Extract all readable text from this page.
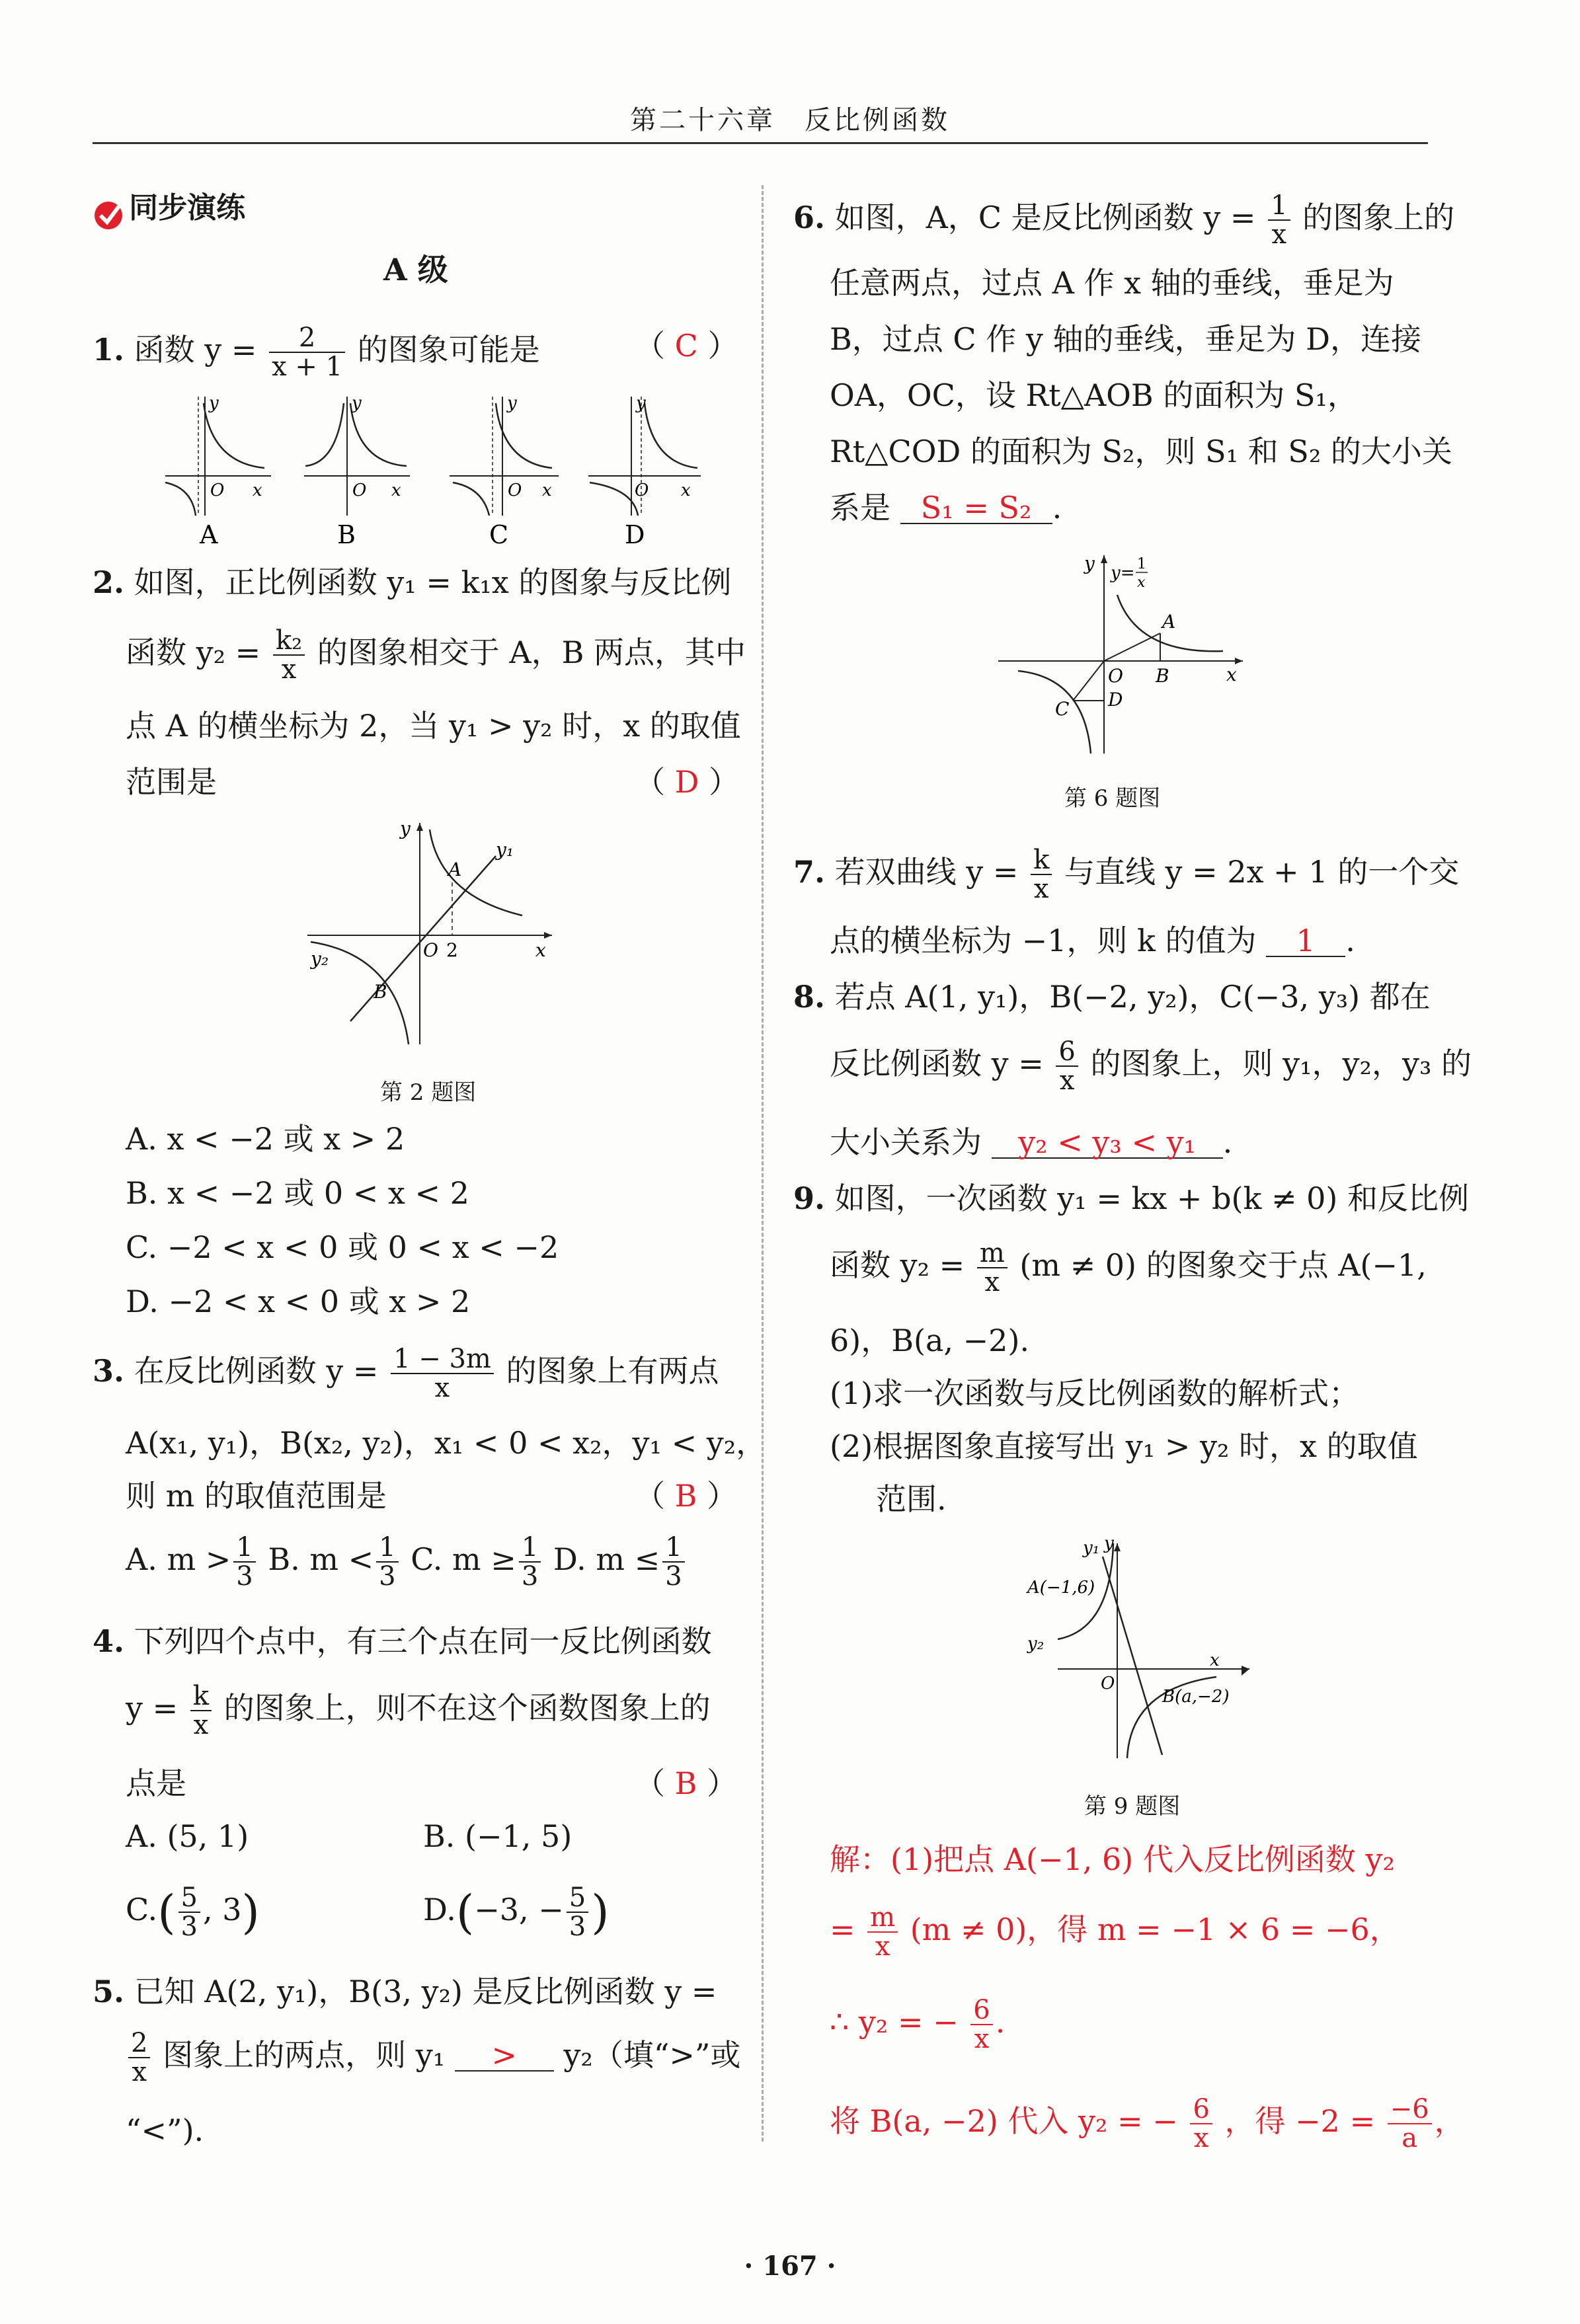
第二十六章　反比例函数
同步演练
A 级
1. 函数 $y = \frac{2}{x + 1}$ 的图象可能是	（ C ）
O x
y
A
O x
y
B
O x
y
C
O x
y
D
2. 如图，正比例函数 y₁ = k₁x 的图象与反比例
函数 $y_2 = \frac{\text{k₂}}{x}$ 的图象相交于 A，B 两点，其中
点 A 的横坐标为 2，当 y₁ > y₂ 时，x 的取值
范围是	（ D ）
y
x
O 2
A
B
y₁
y₂
第 2 题图
A. x < −2 或 x > 2
B. x < −2 或 0 < x < 2
C. −2 < x < 0 或 0 < x < −2
D. −2 < x < 0 或 x > 2
3. 在反比例函数 $y = \frac{1 - 3m}{x}$ 的图象上有两点
A(x₁, y₁)，B(x₂, y₂)，x₁ < 0 < x₂，y₁ < y₂，
则 m 的取值范围是	（ B ）
A. $m > \frac{1}{3} B$. $m < \frac{1}{3} C$. $m \ge \frac{1}{3} D$. $m \le \frac{1}{3}$
4. 下列四个点中，有三个点在同一反比例函数
$y = \frac{k}{x}$ 的图象上，则不在这个函数图象上的
点是	（ B ）
A. (5, 1)	B. (−1, 5)
$C.( \frac{5}{3}$ , 3)	D.(−3, − $\frac{5}{3}$ )
5. 已知 A(2, y₁)，B(3, y₂) 是反比例函数 y =
$\frac{2}{x}$ 图象上的两点，则 y₁ > y₂（填“>”或
“<”).
6. 如图，A，C 是反比例函数 $y = \frac{1}{x}$ 的图象上的
任意两点，过点 A 作 x 轴的垂线，垂足为
B，过点 C 作 y 轴的垂线，垂足为 D，连接
OA，OC，设 Rt△AOB 的面积为 S₁，
Rt△COD 的面积为 S₂，则 S₁ 和 S₂ 的大小关
系是 S₁ = S₂ .
y y= 1
x
A
B
O
D
C
x
第 6 题图
7. 若双曲线 $y = \frac{k}{x}$ 与直线 y = 2x + 1 的一个交
点的横坐标为 −1，则 k 的值为 1 .
8. 若点 A(1, y₁)，B(−2, y₂)，C(−3, y₃) 都在
反比例函数 $y = \frac{6}{x}$ 的图象上，则 y₁，y₂，y₃ 的
大小关系为 y₂ < y₃ < y₁ .
9. 如图，一次函数 y₁ = kx + b(k ≠ 0) 和反比例
函数 $y_2 = \frac{m}{x} (m \ne 0)$ 的图象交于点 A(−1,
6)，B(a, −2).
(1)求一次函数与反比例函数的解析式；
(2)根据图象直接写出 y₁ > y₂ 时，x 的取值
范围.
y₁ y
A(−1,6)
y₂
O
x
B(a,−2)
第 9 题图
解：(1)把点 A(−1, 6) 代入反比例函数 y₂
= $\frac{m}{x} (m \ne 0)$，得 m = −1 × 6 = −6，
∴ y₂ = − $\frac{6}{x}$ .
将 B(a, −2) 代入 y₂ = − $\frac{6}{x}$ ，得 $-2 = \frac{-6}{a}$ ，
· 167 ·
